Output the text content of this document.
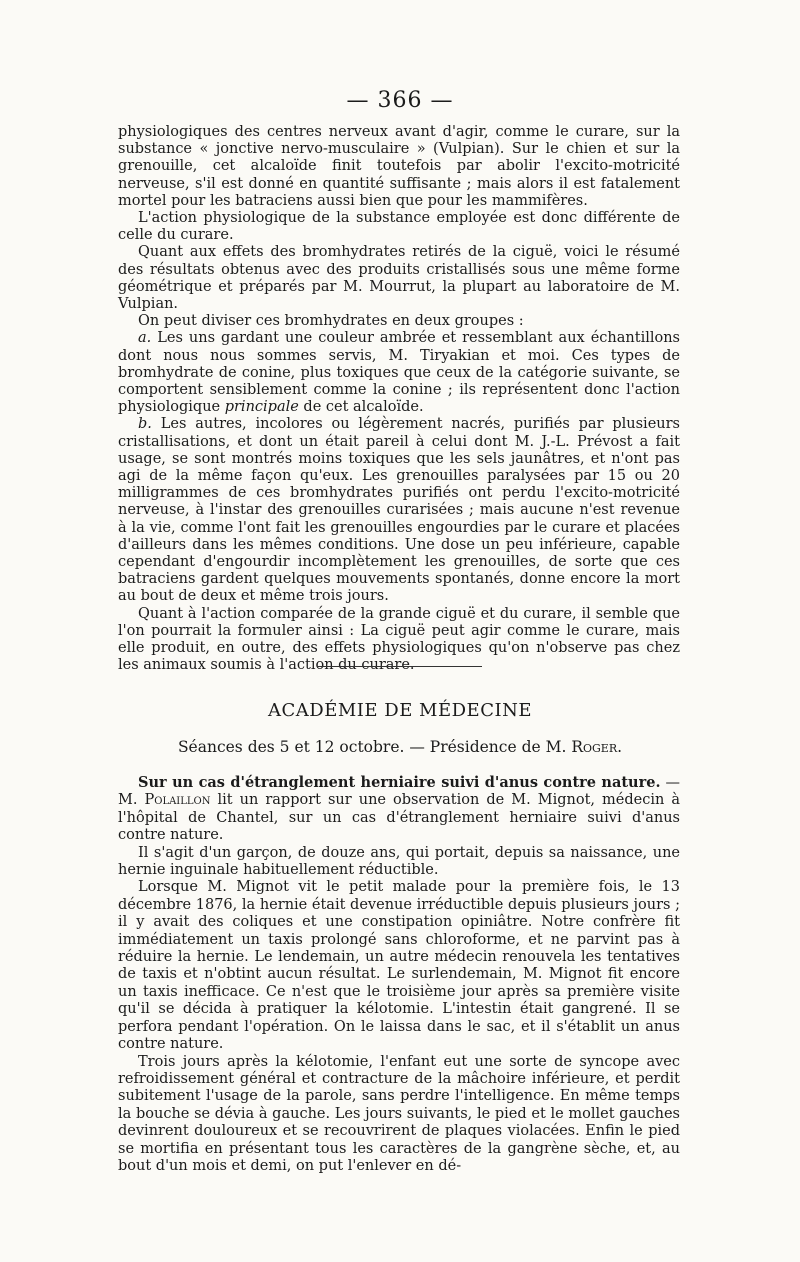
— 366 —

physiologiques des centres nerveux avant d'agir, comme le curare, sur la substance « jonctive nervo-musculaire » (Vulpian). Sur le chien et sur la grenouille, cet alcaloïde finit toutefois par abolir l'excito-motricité nerveuse, s'il est donné en quantité suffisante ; mais alors il est fatalement mortel pour les batraciens aussi bien que pour les mammifères.

L'action physiologique de la substance employée est donc différente de celle du curare.

Quant aux effets des bromhydrates retirés de la ciguë, voici le résumé des résultats obtenus avec des produits cristallisés sous une même forme géométrique et préparés par M. Mourrut, la plupart au laboratoire de M. Vulpian.

On peut diviser ces bromhydrates en deux groupes :

a. Les uns gardant une couleur ambrée et ressemblant aux échantillons dont nous nous sommes servis, M. Tiryakian et moi. Ces types de bromhydrate de conine, plus toxiques que ceux de la catégorie suivante, se comportent sensiblement comme la conine ; ils représentent donc l'action physiologique principale de cet alcaloïde.

b. Les autres, incolores ou légèrement nacrés, purifiés par plusieurs cristallisations, et dont un était pareil à celui dont M. J.-L. Prévost a fait usage, se sont montrés moins toxiques que les sels jaunâtres, et n'ont pas agi de la même façon qu'eux. Les grenouilles paralysées par 15 ou 20 milligrammes de ces bromhydrates purifiés ont perdu l'excito-motricité nerveuse, à l'instar des grenouilles curarisées ; mais aucune n'est revenue à la vie, comme l'ont fait les grenouilles engourdies par le curare et placées d'ailleurs dans les mêmes conditions. Une dose un peu inférieure, capable cependant d'engourdir incomplètement les grenouilles, de sorte que ces batraciens gardent quelques mouvements spontanés, donne encore la mort au bout de deux et même trois jours.

Quant à l'action comparée de la grande ciguë et du curare, il semble que l'on pourrait la formuler ainsi : La ciguë peut agir comme le curare, mais elle produit, en outre, des effets physiologiques qu'on n'observe pas chez les animaux soumis à l'action du curare.

ACADÉMIE DE MÉDECINE
Séances des 5 et 12 octobre. — Présidence de M. Roger.

Sur un cas d'étranglement herniaire suivi d'anus contre nature. — M. Polaillon lit un rapport sur une observation de M. Mignot, médecin à l'hôpital de Chantel, sur un cas d'étranglement herniaire suivi d'anus contre nature.

Il s'agit d'un garçon, de douze ans, qui portait, depuis sa naissance, une hernie inguinale habituellement réductible.

Lorsque M. Mignot vit le petit malade pour la première fois, le 13 décembre 1876, la hernie était devenue irréductible depuis plusieurs jours ; il y avait des coliques et une constipation opiniâtre. Notre confrère fit immédiatement un taxis prolongé sans chloroforme, et ne parvint pas à réduire la hernie. Le lendemain, un autre médecin renouvela les tentatives de taxis et n'obtint aucun résultat. Le surlendemain, M. Mignot fit encore un taxis inefficace. Ce n'est que le troisième jour après sa première visite qu'il se décida à pratiquer la kélotomie. L'intestin était gangrené. Il se perfora pendant l'opération. On le laissa dans le sac, et il s'établit un anus contre nature.

Trois jours après la kélotomie, l'enfant eut une sorte de syncope avec refroidissement général et contracture de la mâchoire inférieure, et perdit subitement l'usage de la parole, sans perdre l'intelligence. En même temps la bouche se dévia à gauche. Les jours suivants, le pied et le mollet gauches devinrent douloureux et se recouvrirent de plaques violacées. Enfin le pied se mortifia en présentant tous les caractères de la gangrène sèche, et, au bout d'un mois et demi, on put l'enlever en dé-
